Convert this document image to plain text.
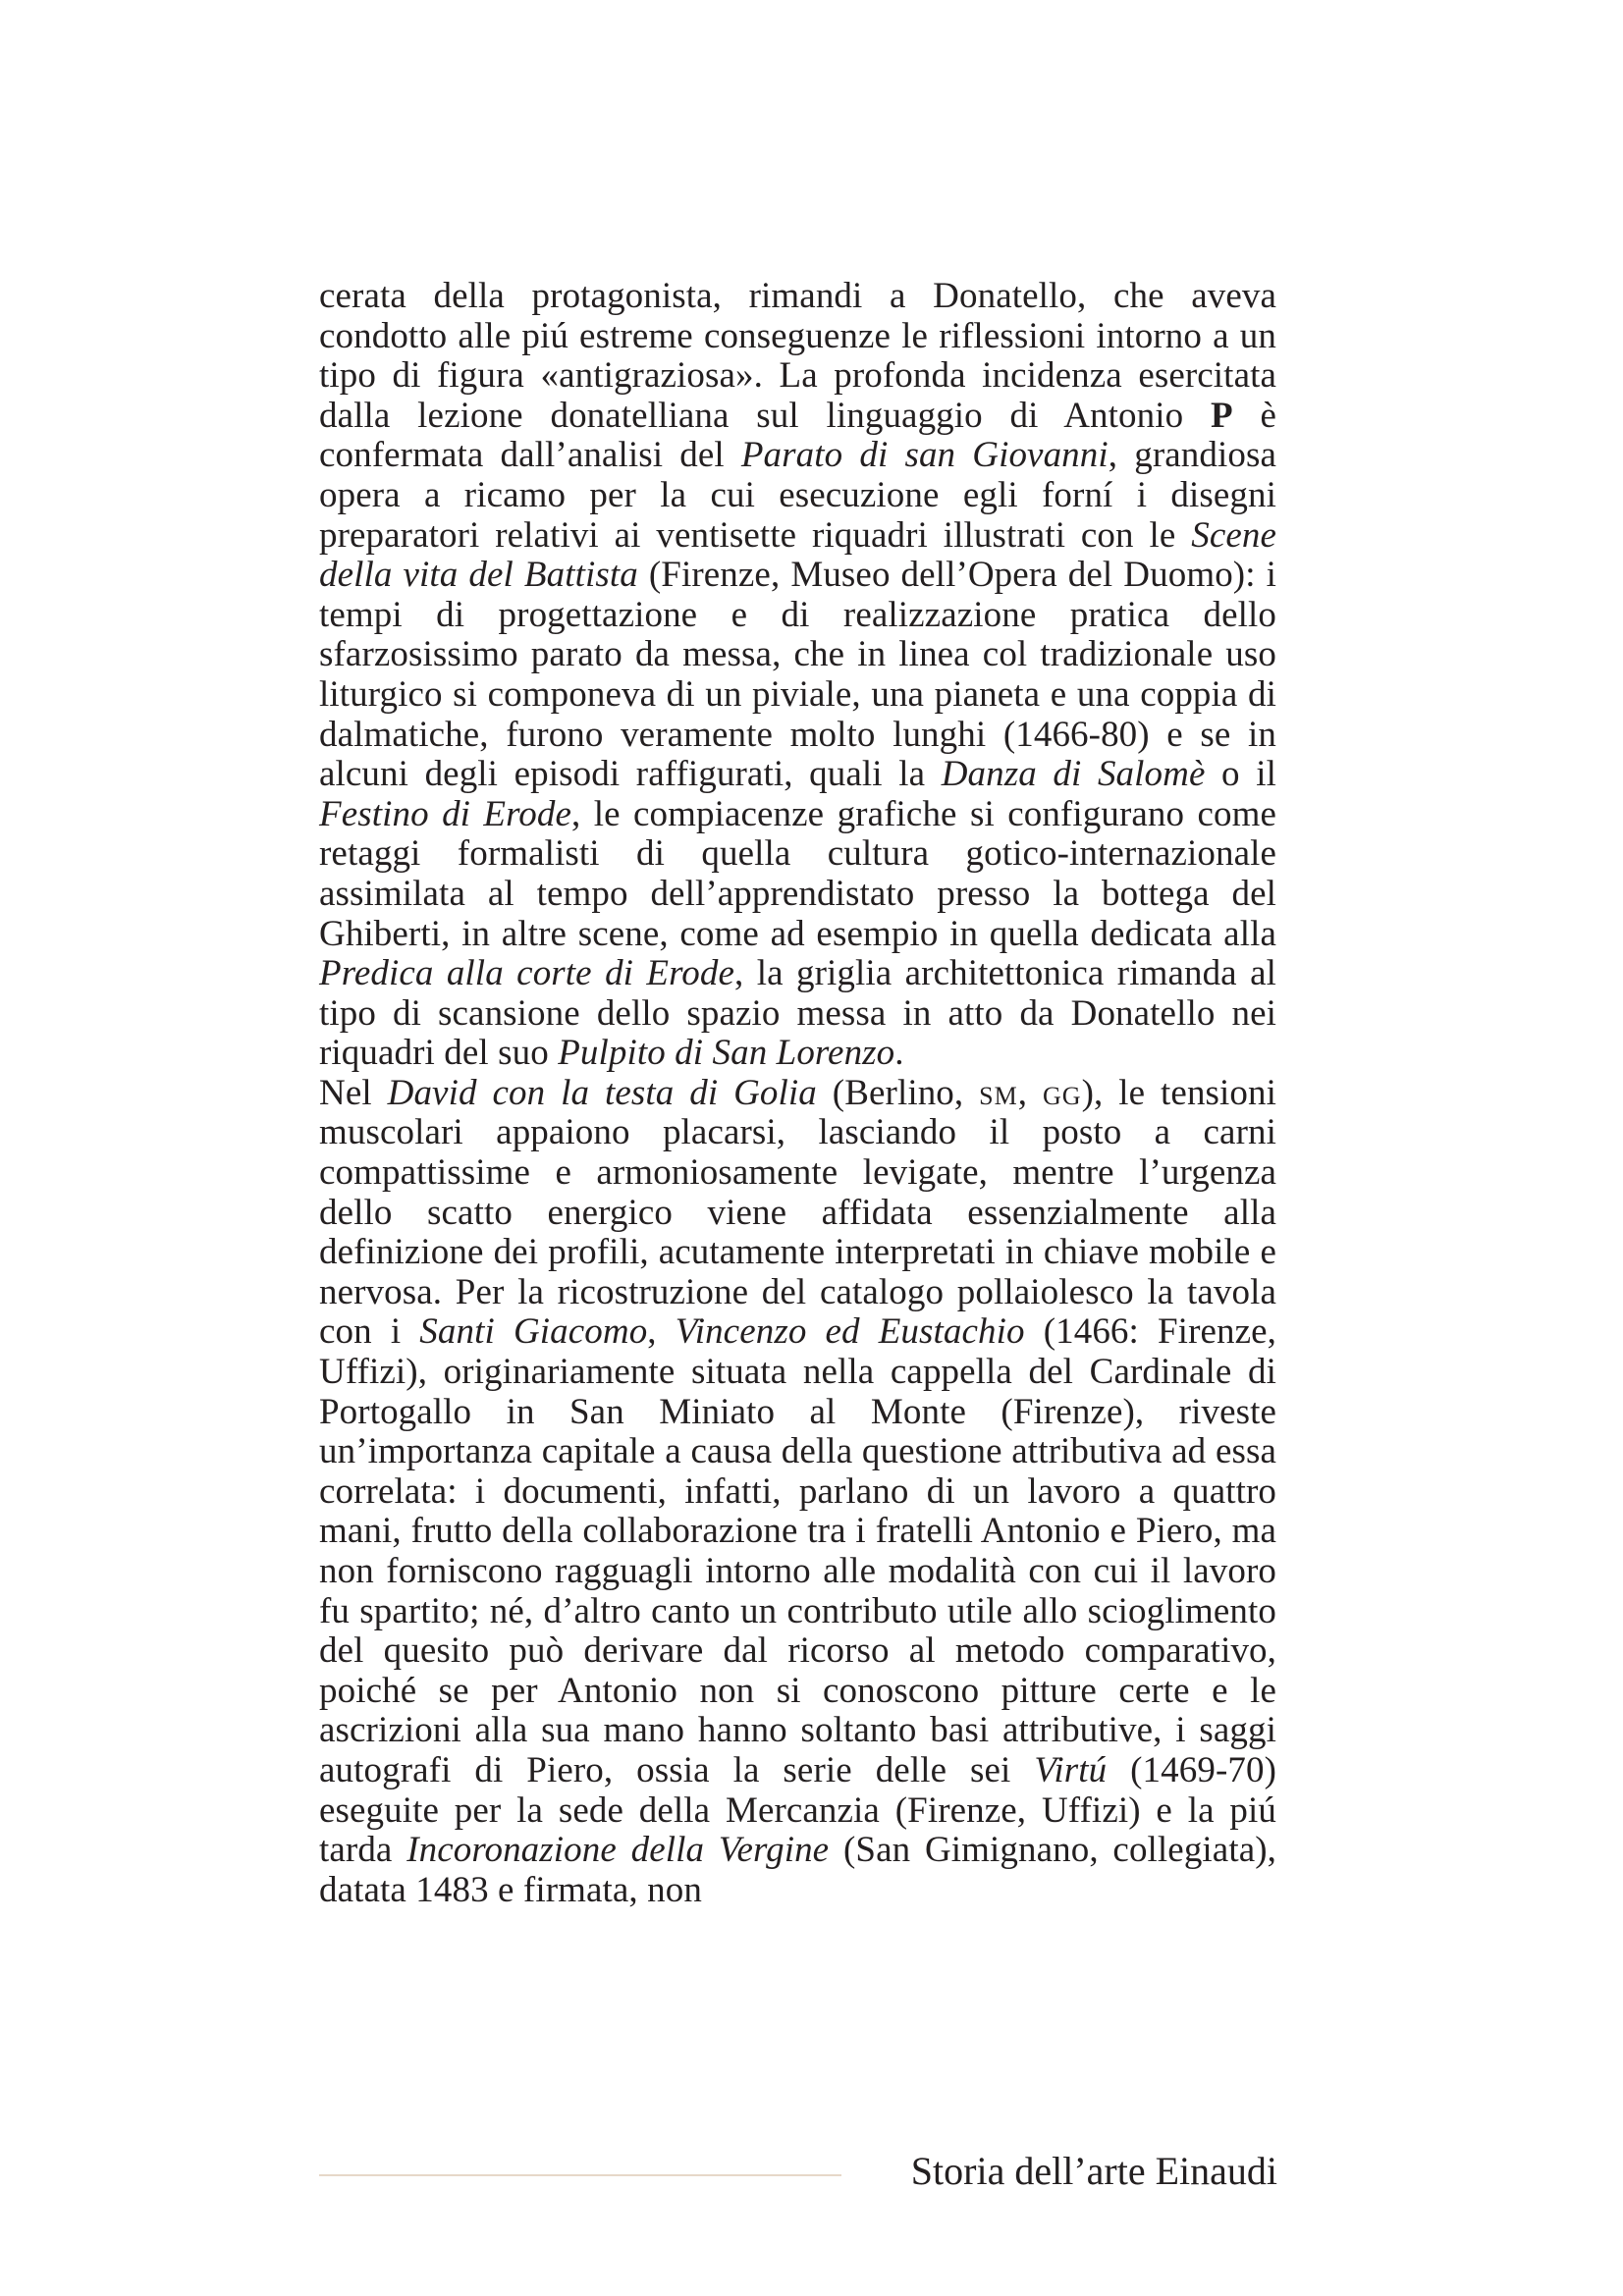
cerata della protagonista, rimandi a Donatello, che aveva condotto alle piú estreme conseguenze le riflessioni intorno a un tipo di figura «antigraziosa». La profonda incidenza esercitata dalla lezione donatelliana sul linguaggio di Antonio P è confermata dall’analisi del Parato di san Giovanni, grandiosa opera a ricamo per la cui esecuzione egli forní i disegni preparatori relativi ai ventisette riquadri illustrati con le Scene della vita del Battista (Firenze, Museo dell’Opera del Duomo): i tempi di progettazione e di realizzazione pratica dello sfarzosissimo parato da messa, che in linea col tradizionale uso liturgico si componeva di un piviale, una pianeta e una coppia di dalmatiche, furono veramente molto lunghi (1466-80) e se in alcuni degli episodi raffigurati, quali la Danza di Salomè o il Festino di Erode, le compiacenze grafiche si configurano come retaggi formalisti di quella cultura gotico-internazionale assimilata al tempo dell’apprendistato presso la bottega del Ghiberti, in altre scene, come ad esempio in quella dedicata alla Predica alla corte di Erode, la griglia architettonica rimanda al tipo di scansione dello spazio messa in atto da Donatello nei riquadri del suo Pulpito di San Lorenzo.

Nel David con la testa di Golia (Berlino, sm, gg), le tensioni muscolari appaiono placarsi, lasciando il posto a carni compattissime e armoniosamente levigate, mentre l’urgenza dello scatto energico viene affidata essenzialmente alla definizione dei profili, acutamente interpretati in chiave mobile e nervosa. Per la ricostruzione del catalogo pollaiolesco la tavola con i Santi Giacomo, Vincenzo ed Eustachio (1466: Firenze, Uffizi), originariamente situata nella cappella del Cardinale di Portogallo in San Miniato al Monte (Firenze), riveste un’importanza capitale a causa della questione attributiva ad essa correlata: i documenti, infatti, parlano di un lavoro a quattro mani, frutto della collaborazione tra i fratelli Antonio e Piero, ma non forniscono ragguagli intorno alle modalità con cui il lavoro fu spartito; né, d’altro canto un contributo utile allo scioglimento del quesito può derivare dal ricorso al metodo comparativo, poiché se per Antonio non si conoscono pitture certe e le ascrizioni alla sua mano hanno soltanto basi attributive, i saggi autografi di Piero, ossia la serie delle sei Virtú (1469-70) eseguite per la sede della Mercanzia (Firenze, Uffizi) e la piú tarda Incoronazione della Vergine (San Gimignano, collegiata), datata 1483 e firmata, non

Storia dell’arte Einaudi
